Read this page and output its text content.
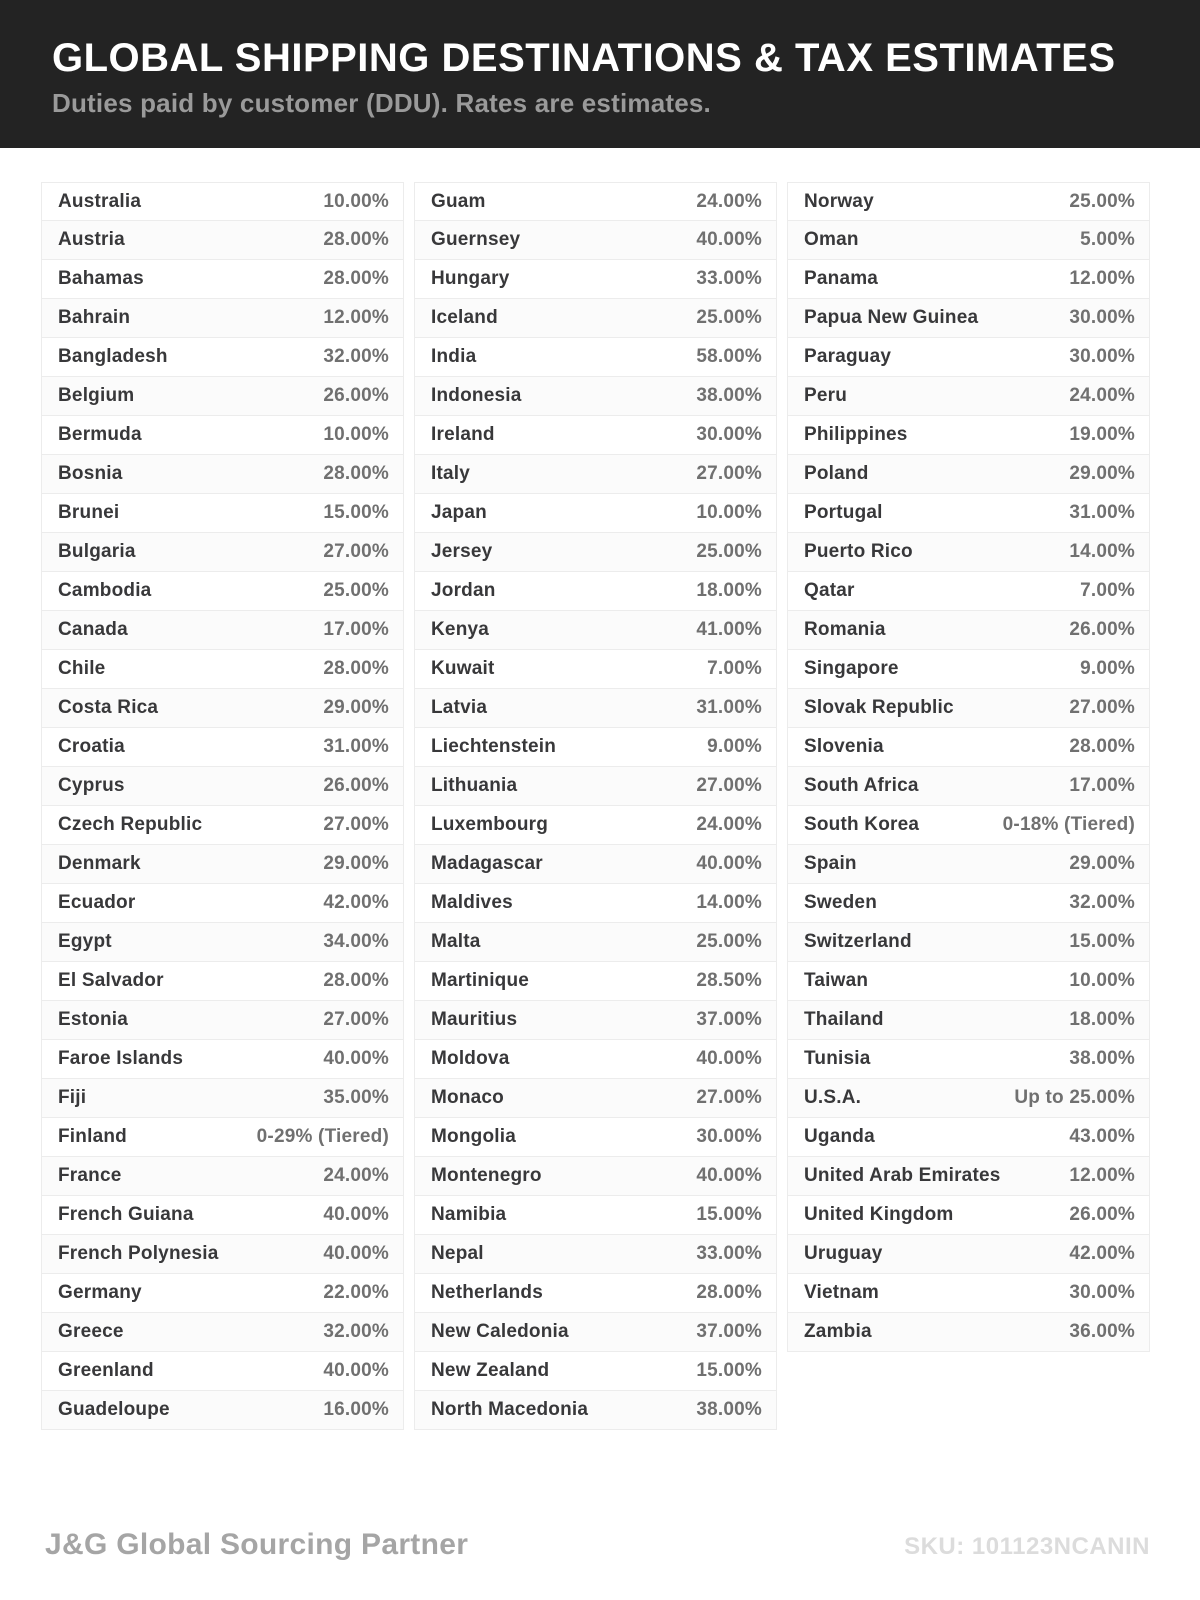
GLOBAL SHIPPING DESTINATIONS & TAX ESTIMATES
Duties paid by customer (DDU). Rates are estimates.
Australia	10.00%
Austria	28.00%
Bahamas	28.00%
Bahrain	12.00%
Bangladesh	32.00%
Belgium	26.00%
Bermuda	10.00%
Bosnia	28.00%
Brunei	15.00%
Bulgaria	27.00%
Cambodia	25.00%
Canada	17.00%
Chile	28.00%
Costa Rica	29.00%
Croatia	31.00%
Cyprus	26.00%
Czech Republic	27.00%
Denmark	29.00%
Ecuador	42.00%
Egypt	34.00%
El Salvador	28.00%
Estonia	27.00%
Faroe Islands	40.00%
Fiji	35.00%
Finland	0-29% (Tiered)
France	24.00%
French Guiana	40.00%
French Polynesia	40.00%
Germany	22.00%
Greece	32.00%
Greenland	40.00%
Guadeloupe	16.00%
Guam	24.00%
Guernsey	40.00%
Hungary	33.00%
Iceland	25.00%
India	58.00%
Indonesia	38.00%
Ireland	30.00%
Italy	27.00%
Japan	10.00%
Jersey	25.00%
Jordan	18.00%
Kenya	41.00%
Kuwait	7.00%
Latvia	31.00%
Liechtenstein	9.00%
Lithuania	27.00%
Luxembourg	24.00%
Madagascar	40.00%
Maldives	14.00%
Malta	25.00%
Martinique	28.50%
Mauritius	37.00%
Moldova	40.00%
Monaco	27.00%
Mongolia	30.00%
Montenegro	40.00%
Namibia	15.00%
Nepal	33.00%
Netherlands	28.00%
New Caledonia	37.00%
New Zealand	15.00%
North Macedonia	38.00%
Norway	25.00%
Oman	5.00%
Panama	12.00%
Papua New Guinea	30.00%
Paraguay	30.00%
Peru	24.00%
Philippines	19.00%
Poland	29.00%
Portugal	31.00%
Puerto Rico	14.00%
Qatar	7.00%
Romania	26.00%
Singapore	9.00%
Slovak Republic	27.00%
Slovenia	28.00%
South Africa	17.00%
South Korea	0-18% (Tiered)
Spain	29.00%
Sweden	32.00%
Switzerland	15.00%
Taiwan	10.00%
Thailand	18.00%
Tunisia	38.00%
U.S.A.	Up to 25.00%
Uganda	43.00%
United Arab Emirates	12.00%
United Kingdom	26.00%
Uruguay	42.00%
Vietnam	30.00%
Zambia	36.00%
J&G Global Sourcing Partner	SKU: 101123NCANIN
